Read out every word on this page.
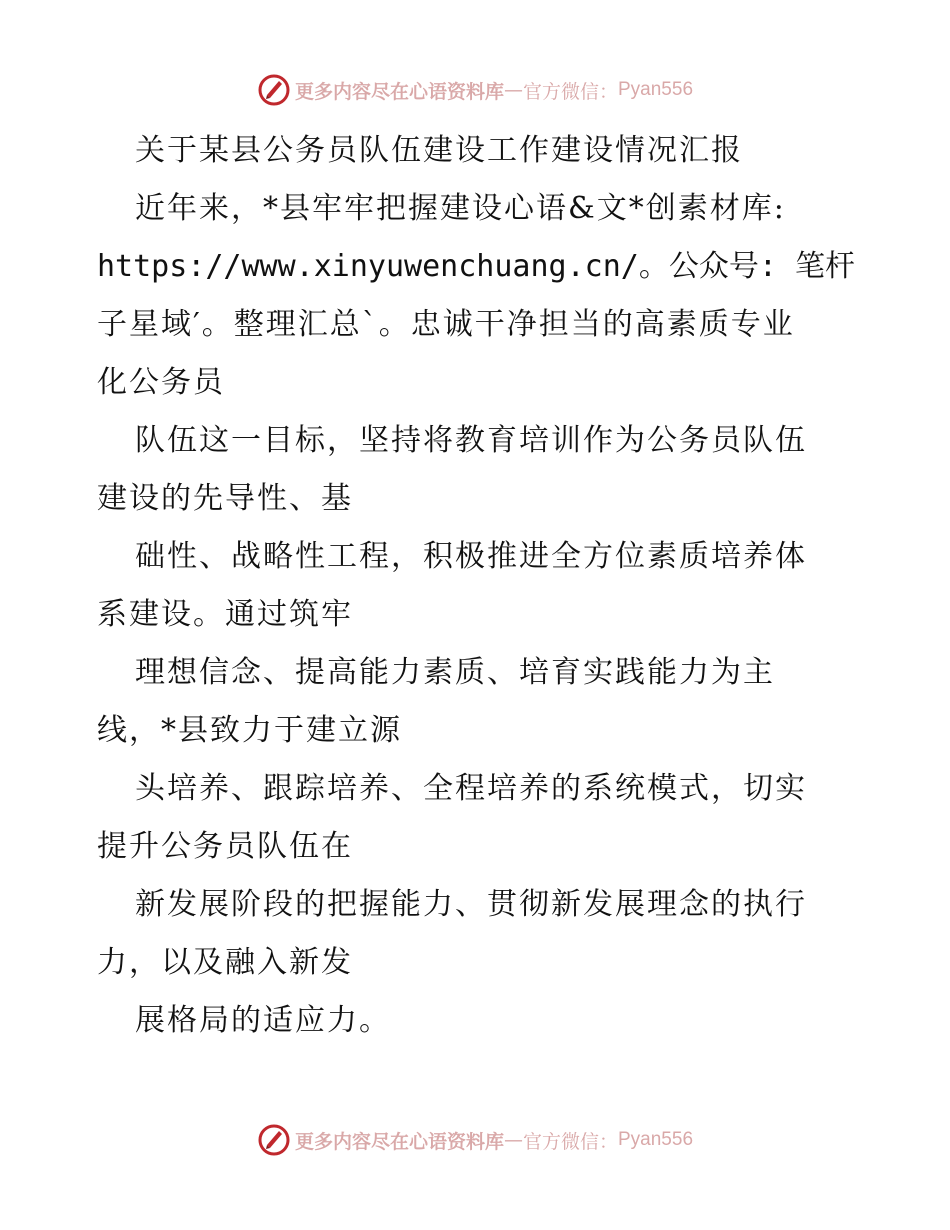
更多内容尽在心语资料库 — 官方微信： Pyan556
关于某县公务员队伍建设工作建设情况汇报
近年来，*县牢牢把握建设心语&文*创素材库:
https://www.xinyuwenchuang.cn/。公众号: 笔杆
子星域′。整理汇总`。忠诚干净担当的高素质专业
化公务员
队伍这一目标，坚持将教育培训作为公务员队伍
建设的先导性、基
础性、战略性工程，积极推进全方位素质培养体
系建设。通过筑牢
理想信念、提高能力素质、培育实践能力为主
线，*县致力于建立源
头培养、跟踪培养、全程培养的系统模式，切实
提升公务员队伍在
新发展阶段的把握能力、贯彻新发展理念的执行
力，以及融入新发
展格局的适应力。
更多内容尽在心语资料库 — 官方微信： Pyan556
